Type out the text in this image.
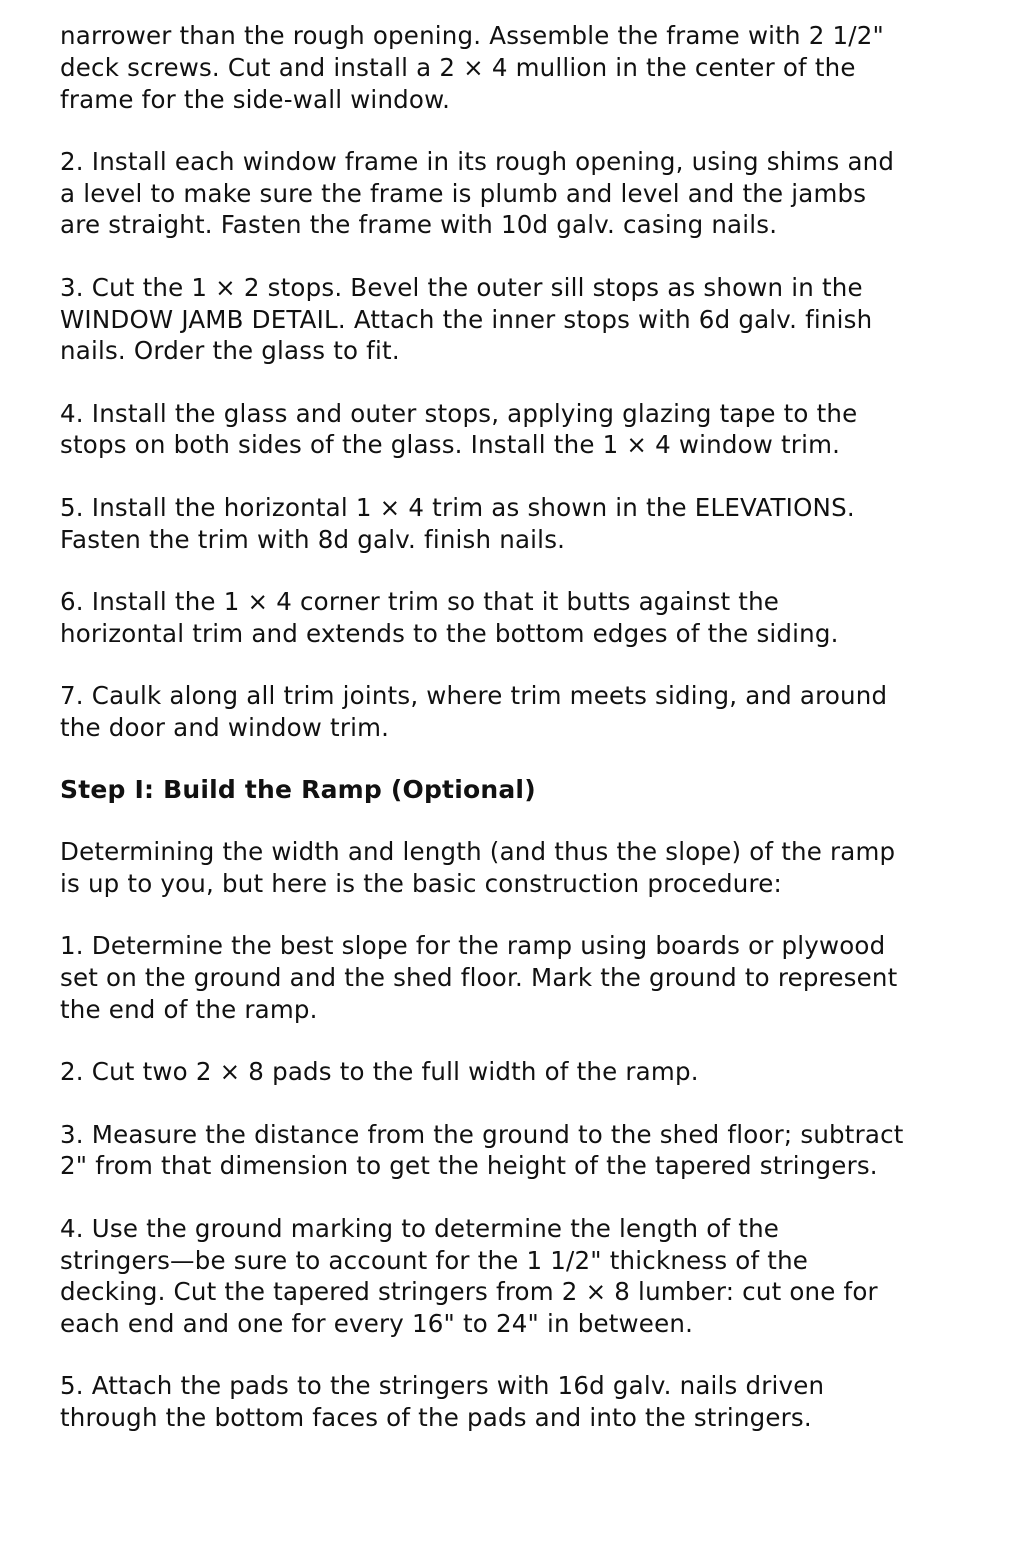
narrower than the rough opening. Assemble the frame with 2 1/2"
deck screws. Cut and install a 2 × 4 mullion in the center of the
frame for the side-wall window.

2. Install each window frame in its rough opening, using shims and
a level to make sure the frame is plumb and level and the jambs
are straight. Fasten the frame with 10d galv. casing nails.

3. Cut the 1 × 2 stops. Bevel the outer sill stops as shown in the
WINDOW JAMB DETAIL. Attach the inner stops with 6d galv. finish
nails. Order the glass to fit.

4. Install the glass and outer stops, applying glazing tape to the
stops on both sides of the glass. Install the 1 × 4 window trim.

5. Install the horizontal 1 × 4 trim as shown in the ELEVATIONS.
Fasten the trim with 8d galv. finish nails.

6. Install the 1 × 4 corner trim so that it butts against the
horizontal trim and extends to the bottom edges of the siding.

7. Caulk along all trim joints, where trim meets siding, and around
the door and window trim.

Step I: Build the Ramp (Optional)

Determining the width and length (and thus the slope) of the ramp
is up to you, but here is the basic construction procedure:

1. Determine the best slope for the ramp using boards or plywood
set on the ground and the shed floor. Mark the ground to represent
the end of the ramp.

2. Cut two 2 × 8 pads to the full width of the ramp.

3. Measure the distance from the ground to the shed floor; subtract
2" from that dimension to get the height of the tapered stringers.

4. Use the ground marking to determine the length of the
stringers—be sure to account for the 1 1/2" thickness of the
decking. Cut the tapered stringers from 2 × 8 lumber: cut one for
each end and one for every 16" to 24" in between.

5. Attach the pads to the stringers with 16d galv. nails driven
through the bottom faces of the pads and into the stringers.
